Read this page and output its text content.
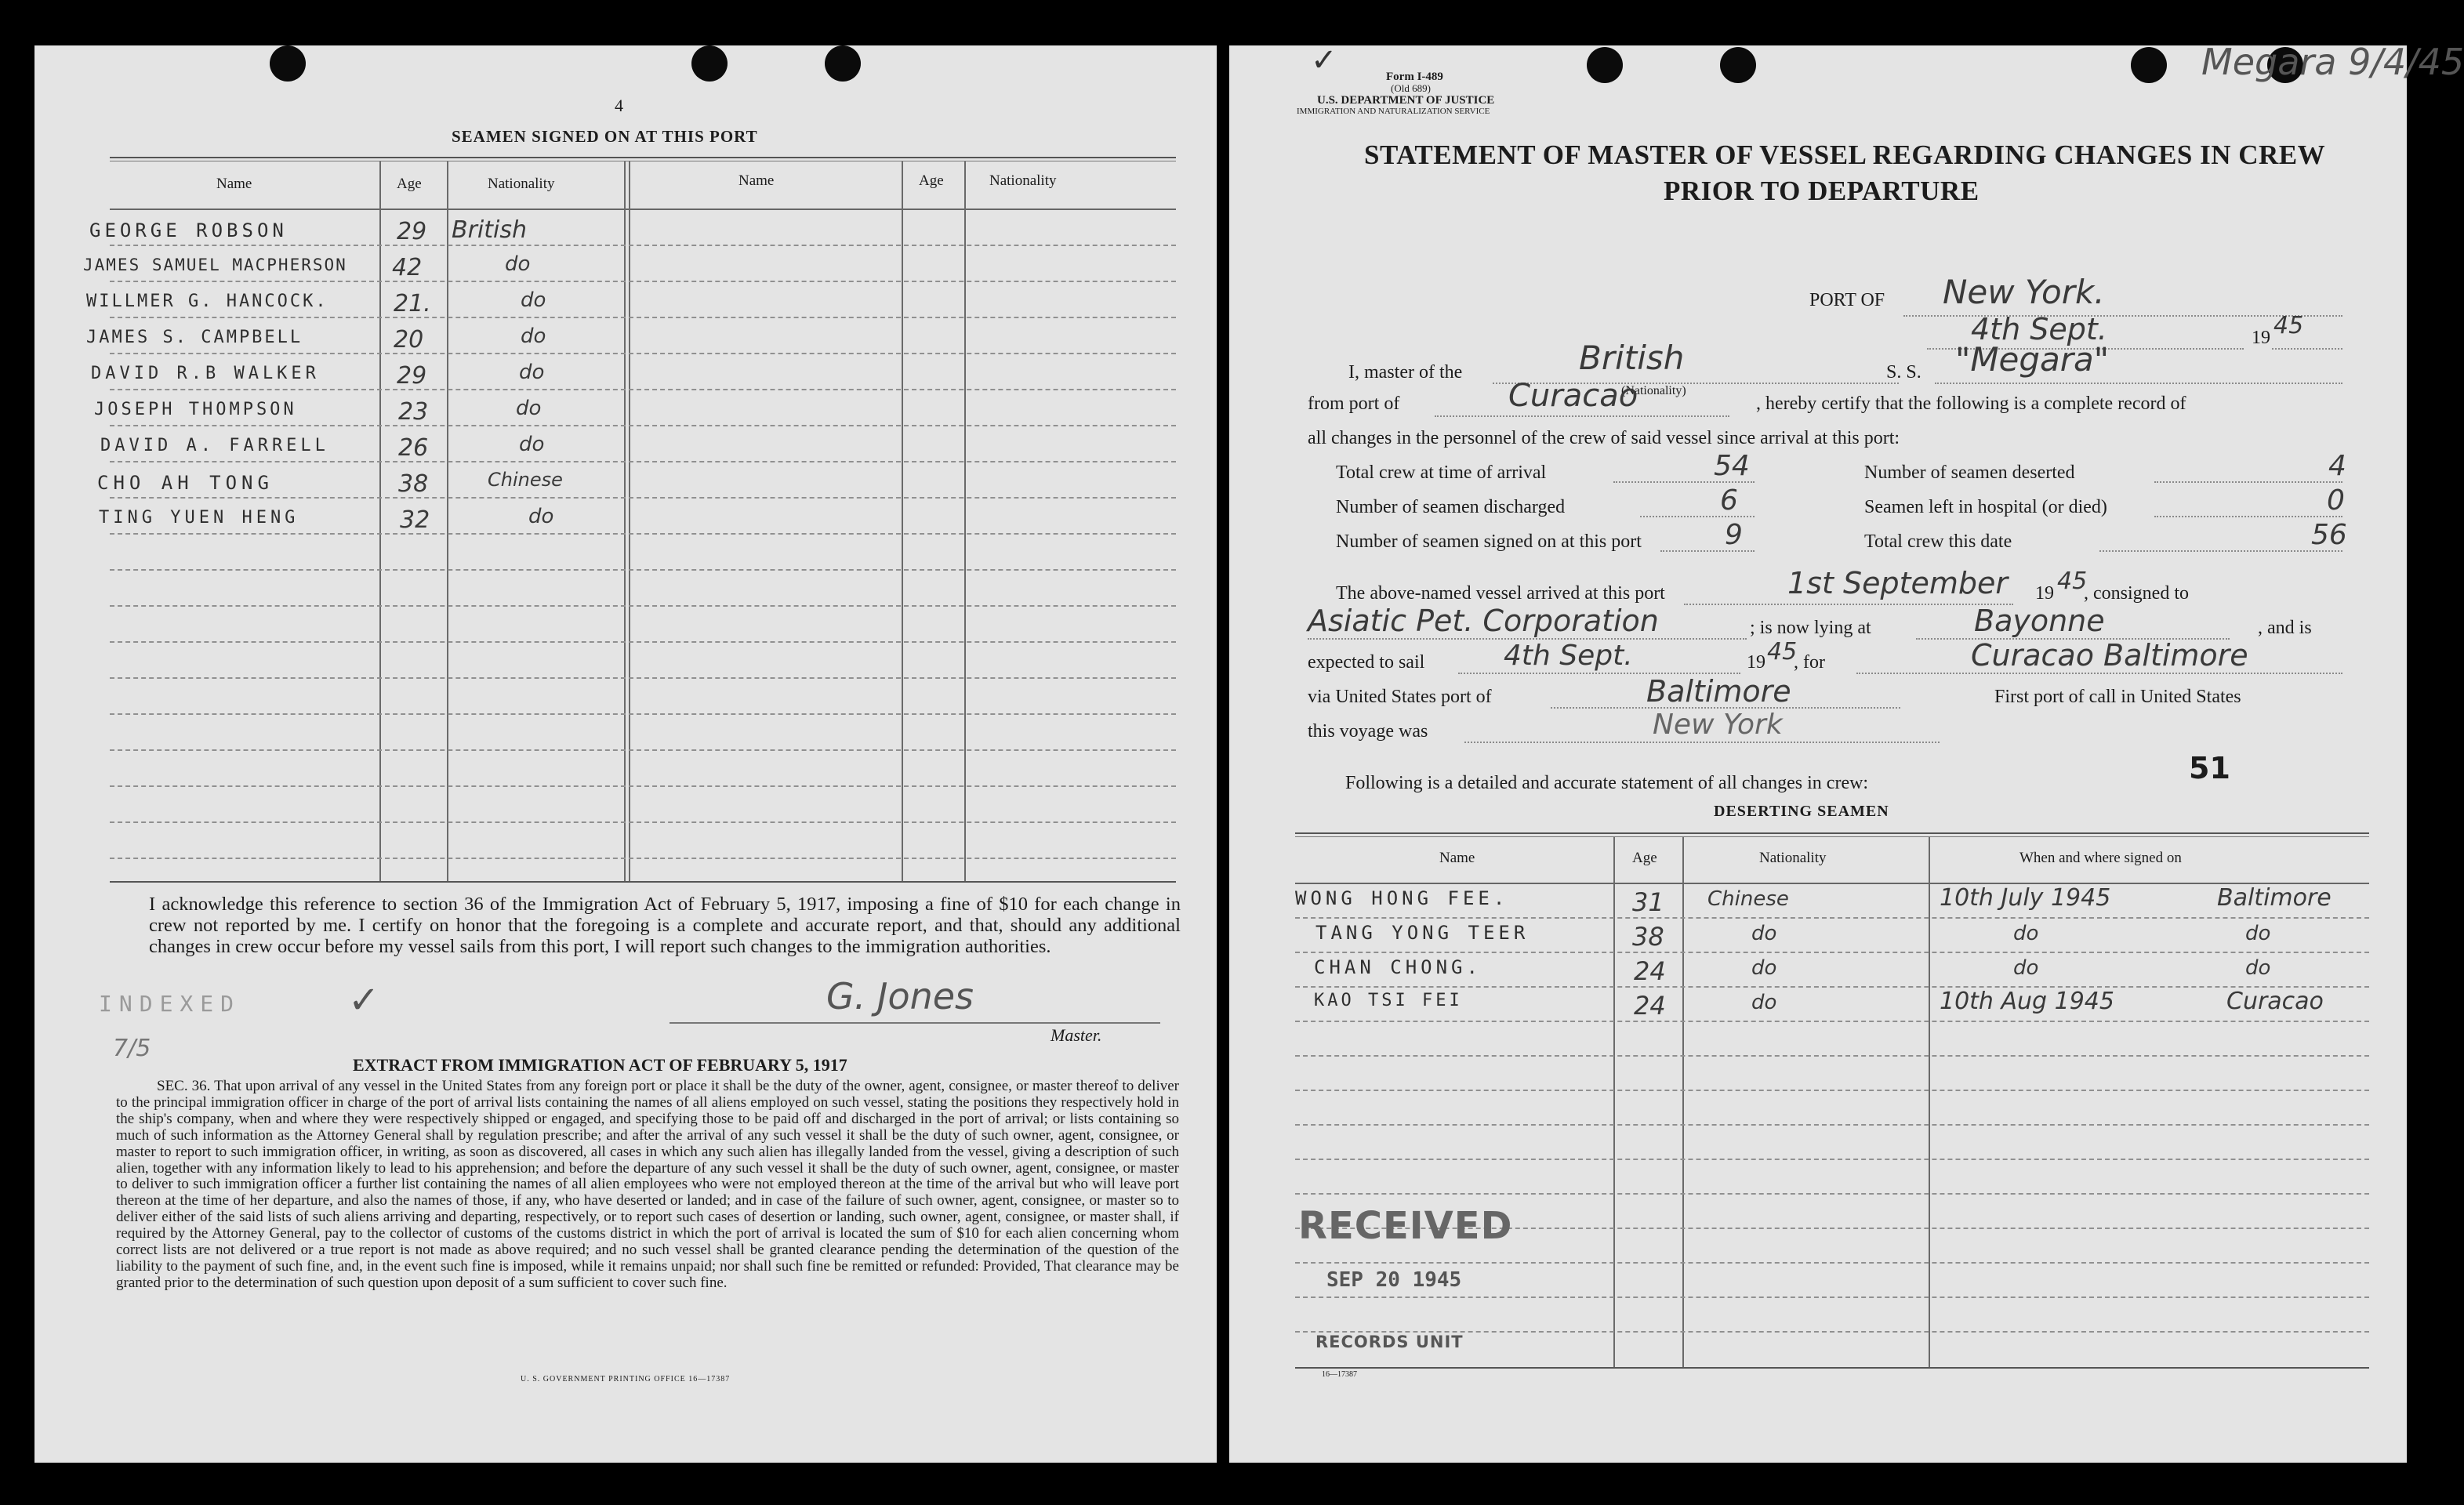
4
SEAMEN SIGNED ON AT THIS PORT
Name	Age	Nationality	Name	Age	Nationality
GEORGE ROBSON	29 British
JAMES SAMUEL MACPHERSON 42	do
WILLMER G. HANCOCK.	21.	do
JAMES S. CAMPBELL	20	do
DAVID R.B WALKER	29	do
JOSEPH THOMPSON	23	do
DAVID A. FARRELL	26	do
CHO AH TONG	38	Chinese
TING YUEN HENG	32	do
I acknowledge this reference to section 36 of the Immigration Act of February 5, 1917, imposing a fine of $10 for each change in crew not reported by me. I certify on honor that the foregoing is a complete and accurate report, and that, should any additional changes in crew occur before my vessel sails from this port, I will report such changes to the immigration authorities.
INDEXED	✓
7/5
G. Jones
Master.
EXTRACT FROM IMMIGRATION ACT OF FEBRUARY 5, 1917
SEC. 36. That upon arrival of any vessel in the United States from any foreign port or place it shall be the duty of the owner, agent, consignee, or master thereof to deliver to the principal immigration officer in charge of the port of arrival lists containing the names of all aliens employed on such vessel, stating the positions they respectively hold in the ship's company, when and where they were respectively shipped or engaged, and specifying those to be paid off and discharged in the port of arrival; or lists containing so much of such information as the Attorney General shall by regulation prescribe; and after the arrival of any such vessel it shall be the duty of such owner, agent, consignee, or master to report to such immigration officer, in writing, as soon as discovered, all cases in which any such alien has illegally landed from the vessel, giving a description of such alien, together with any information likely to lead to his apprehension; and before the departure of any such vessel it shall be the duty of such owner, agent, consignee, or master to deliver to such immigration officer a further list containing the names of all alien employees who were not employed thereon at the time of the arrival but who will leave port thereon at the time of her departure, and also the names of those, if any, who have deserted or landed; and in case of the failure of such owner, agent, consignee, or master so to deliver either of the said lists of such aliens arriving and departing, respectively, or to report such cases of desertion or landing, such owner, agent, consignee, or master shall, if required by the Attorney General, pay to the collector of customs of the customs district in which the port of arrival is located the sum of $10 for each alien concerning whom correct lists are not delivered or a true report is not made as above required; and no such vessel shall be granted clearance pending the determination of the question of the liability to the payment of such fine, and, in the event such fine is imposed, while it remains unpaid; nor shall such fine be remitted or refunded: Provided, That clearance may be granted prior to the determination of such question upon deposit of a sum sufficient to cover such fine.
U. S. GOVERNMENT PRINTING OFFICE 16—17387
✓	Form I-489
(Old 689)
U.S. DEPARTMENT OF JUSTICE
IMMIGRATION AND NATURALIZATION SERVICE
Megara 9/4/45
STATEMENT OF MASTER OF VESSEL REGARDING CHANGES IN CREW
PRIOR TO DEPARTURE
PORT OF New York.
4th Sept.	19 45
I, master of the	British
(Nationality)
S. S. "Megara"
from port of	Curacao	, hereby certify that the following is a complete record of
all changes in the personnel of the crew of said vessel since arrival at this port:
Total crew at time of arrival	54	Number of seamen deserted	4
Number of seamen discharged	6	Seamen left in hospital (or died)	0
Number of seamen signed on at this port	9	Total crew this date	56
The above-named vessel arrived at this port	1st September 19 45
, consigned to
Asiatic Pet. Corporation	; is now lying at	Bayonne	, and is
expected to sail	4th Sept.	19 45
, for	Curacao Baltimore
via United States port of	Baltimore	First port of call in United States
this voyage was	New York
Following is a detailed and accurate statement of all changes in crew:	51
DESERTING SEAMEN
Name	Age	Nationality	When and where signed on
WONG HONG FEE.	31 Chinese	10th July 1945	Baltimore
TANG YONG TEER	38	do	do	do
CHAN CHONG.	24	do	do	do
KAO TSI FEI	24	do	10th Aug 1945	Curacao
RECEIVED
SEP 20 1945
RECORDS UNIT
16—17387
